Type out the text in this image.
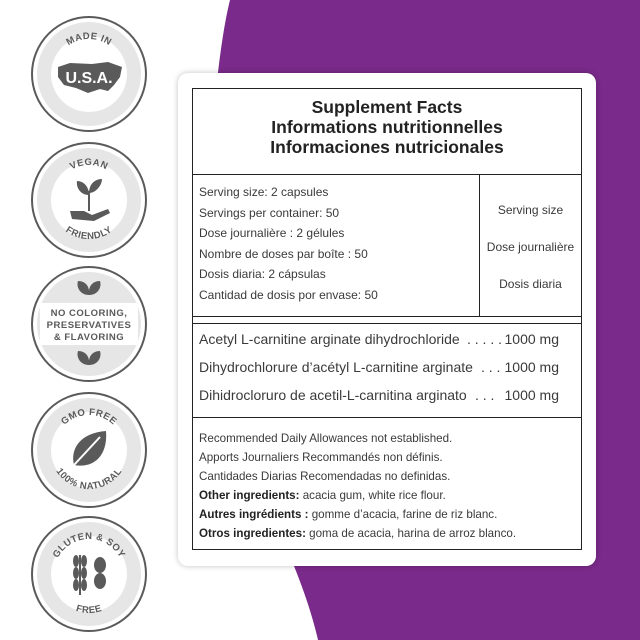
MADE IN
U.S.A.
VEGAN
FRIENDLY
NO COLORING,
PRESERVATIVES
& FLAVORING
GMO FREE
100% NATURAL
GLUTEN & SOY
FREE
Supplement Facts
Informations nutritionnelles
Informaciones nutricionales
Serving size: 2 capsules
Servings per container: 50
Dose journalière : 2 gélules
Nombre de doses par boîte : 50
Dosis diaria: 2 cápsulas
Cantidad de dosis por envase: 50
Serving size
Dose journalière
Dosis diaria
Acetyl L-carnitine arginate dihydrochloride . . . . . 1000 mg
Dihydrochlorure d’acétyl L-carnitine arginate . . . 1000 mg
Dihidrocloruro de acetil-L-carnitina arginato . . . 1000 mg
Recommended Daily Allowances not established.
Apports Journaliers Recommandés non définis.
Cantidades Diarias Recomendadas no definidas.
Other ingredients: acacia gum, white rice flour.
Autres ingrédients : gomme d’acacia, farine de riz blanc.
Otros ingredientes: goma de acacia, harina de arroz blanco.
